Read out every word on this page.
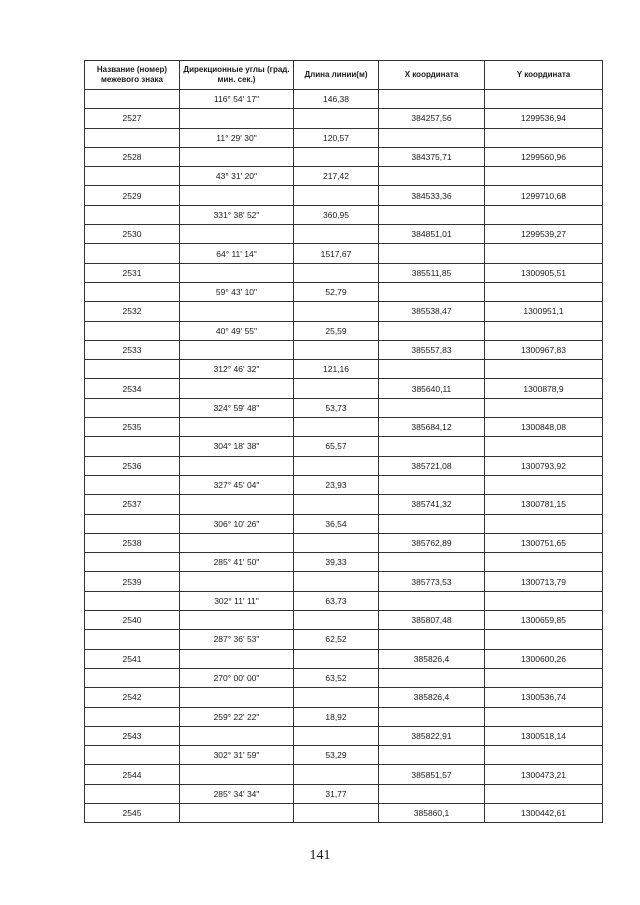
Название (номер) межевого знака	Дирекционные углы (град. мин. сек.)	Длина линии(м)	X координата	Y координата
	116° 54' 17"	146,38		
2527			384257,56	1299536,94
	11° 29' 30"	120,57		
2528			384375,71	1299560,96
	43° 31' 20"	217,42		
2529			384533,36	1299710,68
	331° 38' 52"	360,95		
2530			384851,01	1299539,27
	64° 11' 14"	1517,67		
2531			385511,85	1300905,51
	59° 43' 10"	52,79		
2532			385538,47	1300951,1
	40° 49' 55"	25,59		
2533			385557,83	1300967,83
	312° 46' 32"	121,16		
2534			385640,11	1300878,9
	324° 59' 48"	53,73		
2535			385684,12	1300848,08
	304° 18' 38"	65,57		
2536			385721,08	1300793,92
	327° 45' 04"	23,93		
2537			385741,32	1300781,15
	306° 10' 26"	36,54		
2538			385762,89	1300751,65
	285° 41' 50"	39,33		
2539			385773,53	1300713,79
	302° 11' 11"	63,73		
2540			385807,48	1300659,85
	287° 36' 53"	62,52		
2541			385826,4	1300600,26
	270° 00' 00"	63,52		
2542			385826,4	1300536,74
	259° 22' 22"	18,92		
2543			385822,91	1300518,14
	302° 31' 59"	53,29		
2544			385851,57	1300473,21
	285° 34' 34"	31,77		
2545			385860,1	1300442,61
141
